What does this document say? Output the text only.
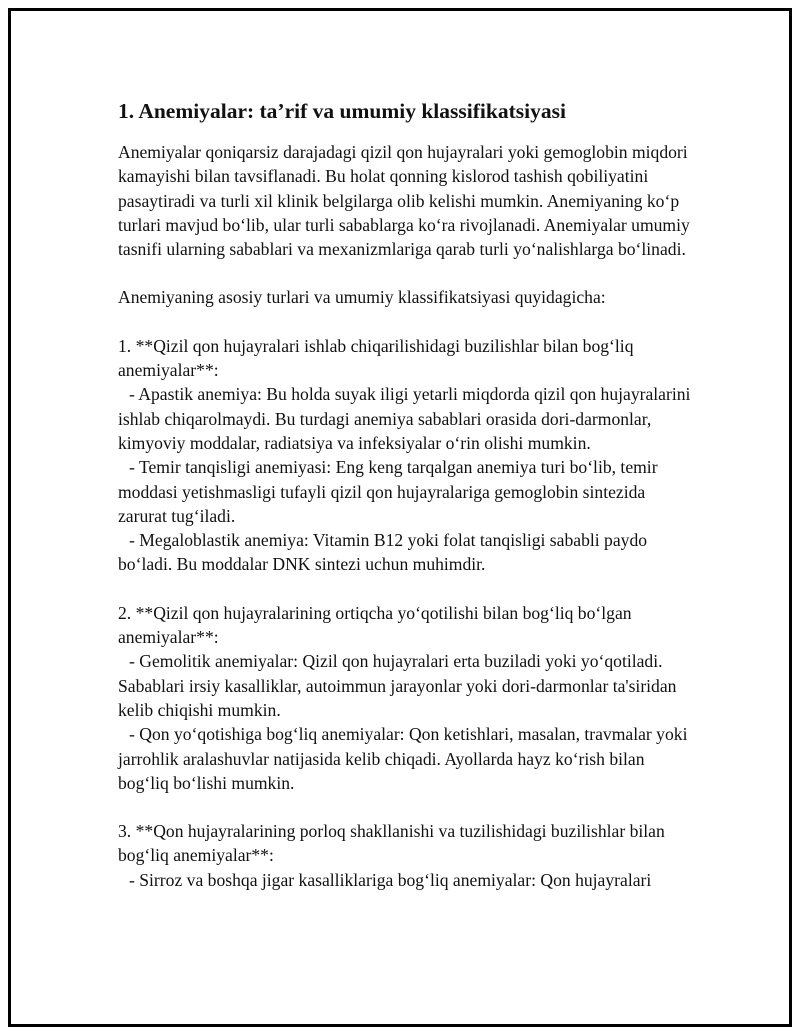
1. Anemiyalar: ta’rif va umumiy klassifikatsiyasi

Anemiyalar qoniqarsiz darajadagi qizil qon hujayralari yoki gemoglobin miqdori kamayishi bilan tavsiflanadi. Bu holat qonning kislorod tashish qobiliyatini pasaytiradi va turli xil klinik belgilarga olib kelishi mumkin. Anemiyaning koʻp turlari mavjud boʻlib, ular turli sabablarga koʻra rivojlanadi. Anemiyalar umumiy tasnifi ularning sabablari va mexanizmlariga qarab turli yoʻnalishlarga boʻlinadi.

Anemiyaning asosiy turlari va umumiy klassifikatsiyasi quyidagicha:

1. **Qizil qon hujayralari ishlab chiqarilishidagi buzilishlar bilan bogʻliq anemiyalar**:

- Apastik anemiya: Bu holda suyak iligi yetarli miqdorda qizil qon hujayralarini ishlab chiqarolmaydi. Bu turdagi anemiya sabablari orasida dori-darmonlar, kimyoviy moddalar, radiatsiya va infeksiyalar oʻrin olishi mumkin.

- Temir tanqisligi anemiyasi: Eng keng tarqalgan anemiya turi boʻlib, temir moddasi yetishmasligi tufayli qizil qon hujayralariga gemoglobin sintezida zarurat tugʻiladi.

- Megaloblastik anemiya: Vitamin B12 yoki folat tanqisligi sababli paydo boʻladi. Bu moddalar DNK sintezi uchun muhimdir.

2. **Qizil qon hujayralarining ortiqcha yoʻqotilishi bilan bogʻliq boʻlgan anemiyalar**:

- Gemolitik anemiyalar: Qizil qon hujayralari erta buziladi yoki yoʻqotiladi. Sabablari irsiy kasalliklar, autoimmun jarayonlar yoki dori-darmonlar ta'siridan kelib chiqishi mumkin.

- Qon yoʻqotishiga bogʻliq anemiyalar: Qon ketishlari, masalan, travmalar yoki jarrohlik aralashuvlar natijasida kelib chiqadi. Ayollarda hayz koʻrish bilan bogʻliq boʻlishi mumkin.

3. **Qon hujayralarining porloq shakllanishi va tuzilishidagi buzilishlar bilan bogʻliq anemiyalar**:

- Sirroz va boshqa jigar kasalliklariga bogʻliq anemiyalar: Qon hujayralari
